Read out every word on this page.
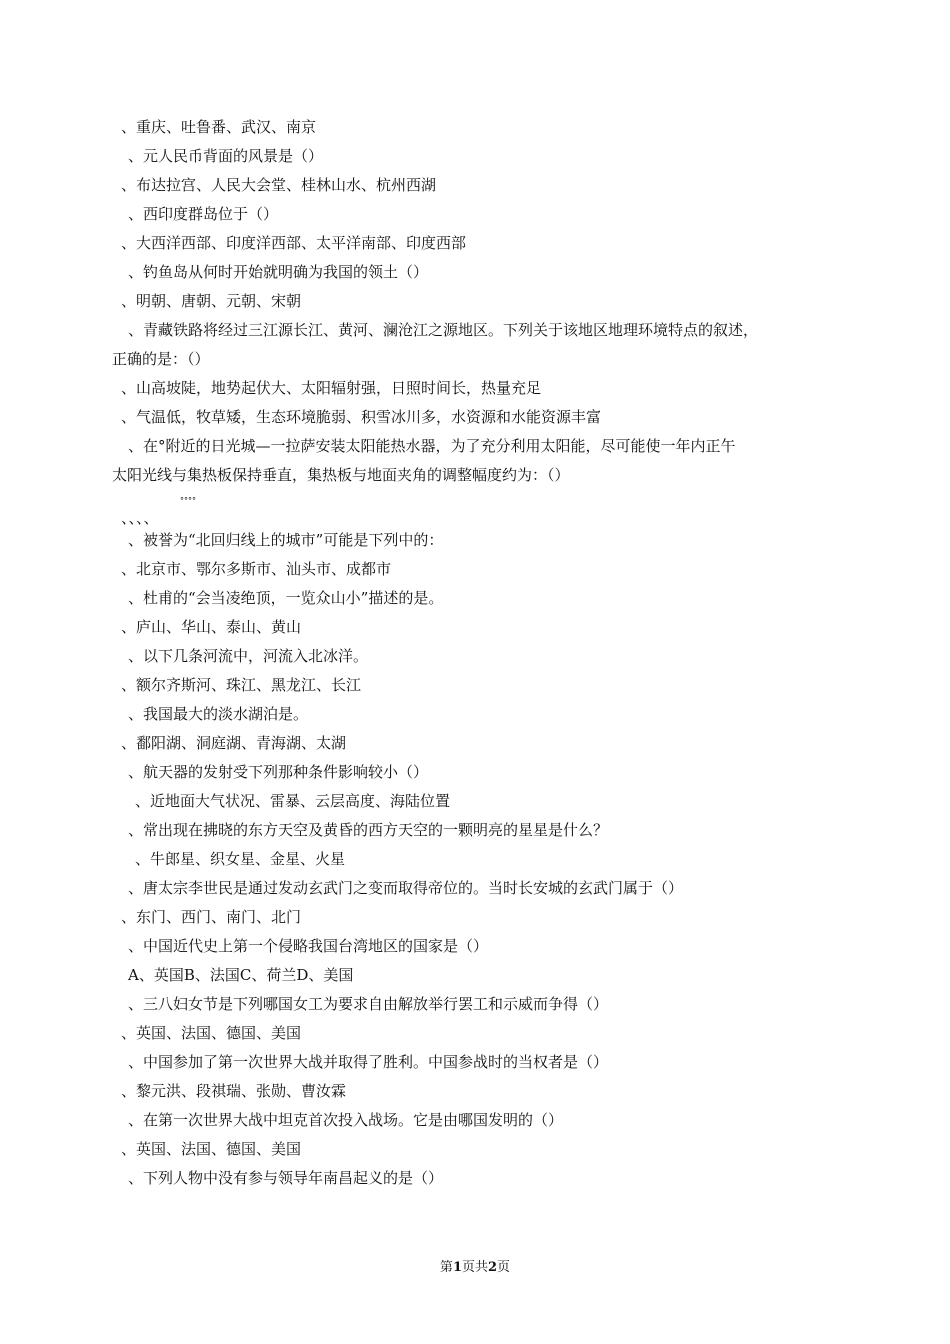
、重庆、吐鲁番、武汉、南京
、元人民币背面的风景是（）
、布达拉宫、人民大会堂、桂林山水、杭州西湖
、西印度群岛位于（）
、大西洋西部、印度洋西部、太平洋南部、印度西部
、钓鱼岛从何时开始就明确为我国的领土（）
、明朝、唐朝、元朝、宋朝
、青藏铁路将经过三江源长江、黄河、澜沧江之源地区。下列关于该地区地理环境特点的叙述，
正确的是：（）
、山高坡陡，地势起伏大、太阳辐射强，日照时间长，热量充足
、气温低，牧草矮，生态环境脆弱、积雪冰川多，水资源和水能资源丰富
、在°附近的日光城—一拉萨安装太阳能热水器，为了充分利用太阳能，尽可能使一年内正午
太阳光线与集热板保持垂直，集热板与地面夹角的调整幅度约为：（）
°°°°
、、、、
、被誉为“北回归线上的城市”可能是下列中的：
、北京市、鄂尔多斯市、汕头市、成都市
、杜甫的“会当凌绝顶，一览众山小”描述的是。
、庐山、华山、泰山、黄山
、以下几条河流中，河流入北冰洋。
、额尔齐斯河、珠江、黑龙江、长江
、我国最大的淡水湖泊是。
、鄱阳湖、洞庭湖、青海湖、太湖
、航天器的发射受下列那种条件影响较小（）
、近地面大气状况、雷暴、云层高度、海陆位置
、常出现在拂晓的东方天空及黄昏的西方天空的一颗明亮的星星是什么？
、牛郎星、织女星、金星、火星
、唐太宗李世民是通过发动玄武门之变而取得帝位的。当时长安城的玄武门属于（）
、东门、西门、南门、北门
、中国近代史上第一个侵略我国台湾地区的国家是（）
A、英国B、法国C、荷兰D、美国
、三八妇女节是下列哪国女工为要求自由解放举行罢工和示威而争得（）
、英国、法国、德国、美国
、中国参加了第一次世界大战并取得了胜利。中国参战时的当权者是（）
、黎元洪、段祺瑞、张勋、曹汝霖
、在第一次世界大战中坦克首次投入战场。它是由哪国发明的（）
、英国、法国、德国、美国
、下列人物中没有参与领导年南昌起义的是（）
第1页共2页
